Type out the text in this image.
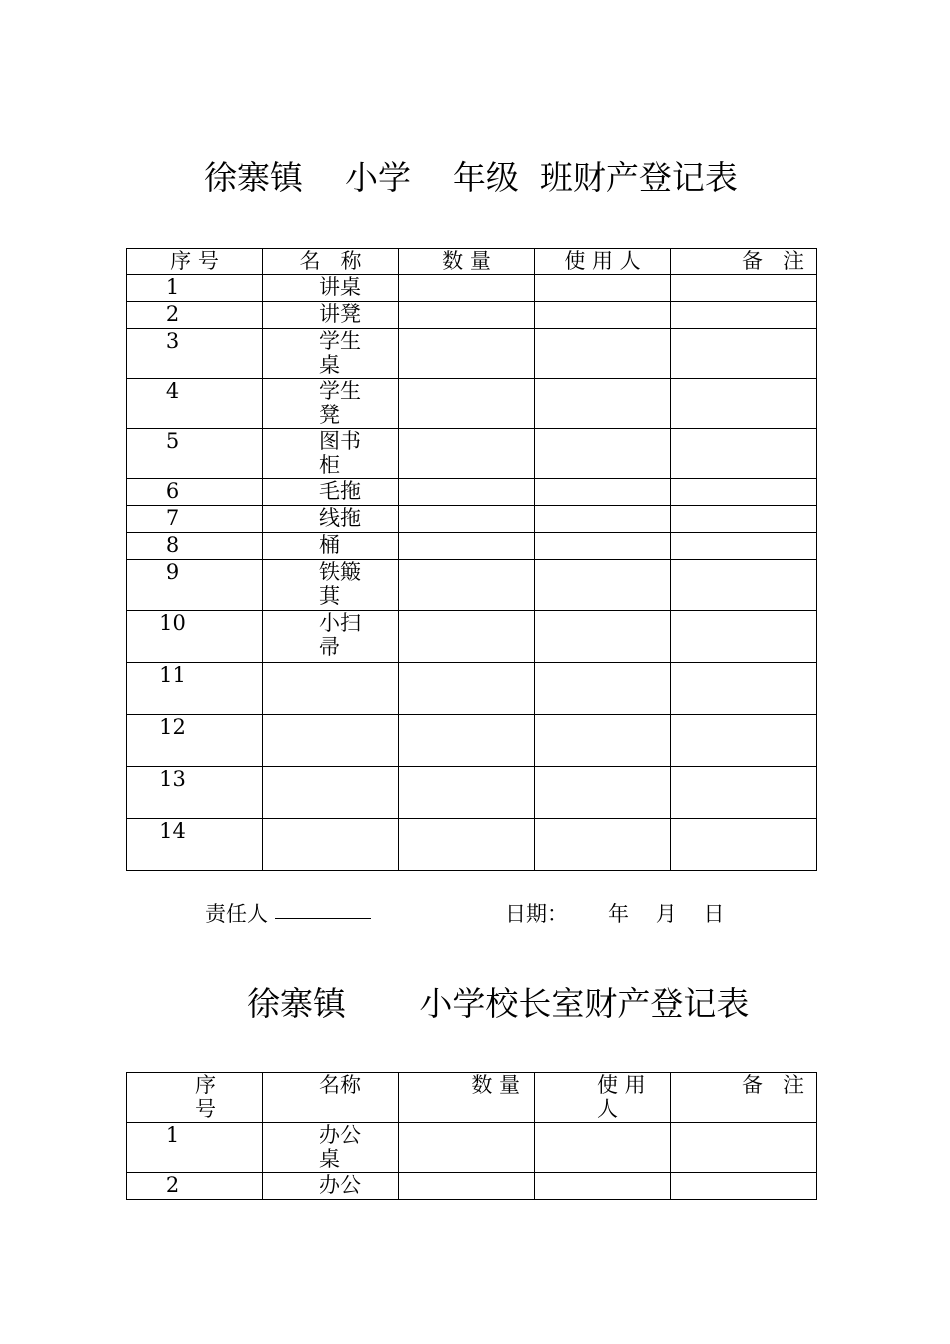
徐寨镇    小学    年级  班财产登记表
序 号	名   称	数 量	使 用 人	备   注
1	讲桌			
2	讲凳			
3	学生桌			
4	学生凳			
5	图书柜			
6	毛拖			
7	线拖			
8	桶			
9	铁簸萁			
10	小扫帚			
11				
12				
13				
14				
责任人	日期：      年    月    日
徐寨镇       小学校长室财产登记表
序号	名称	数 量	使 用 人	备   注
1	办公桌			
2	办公			
